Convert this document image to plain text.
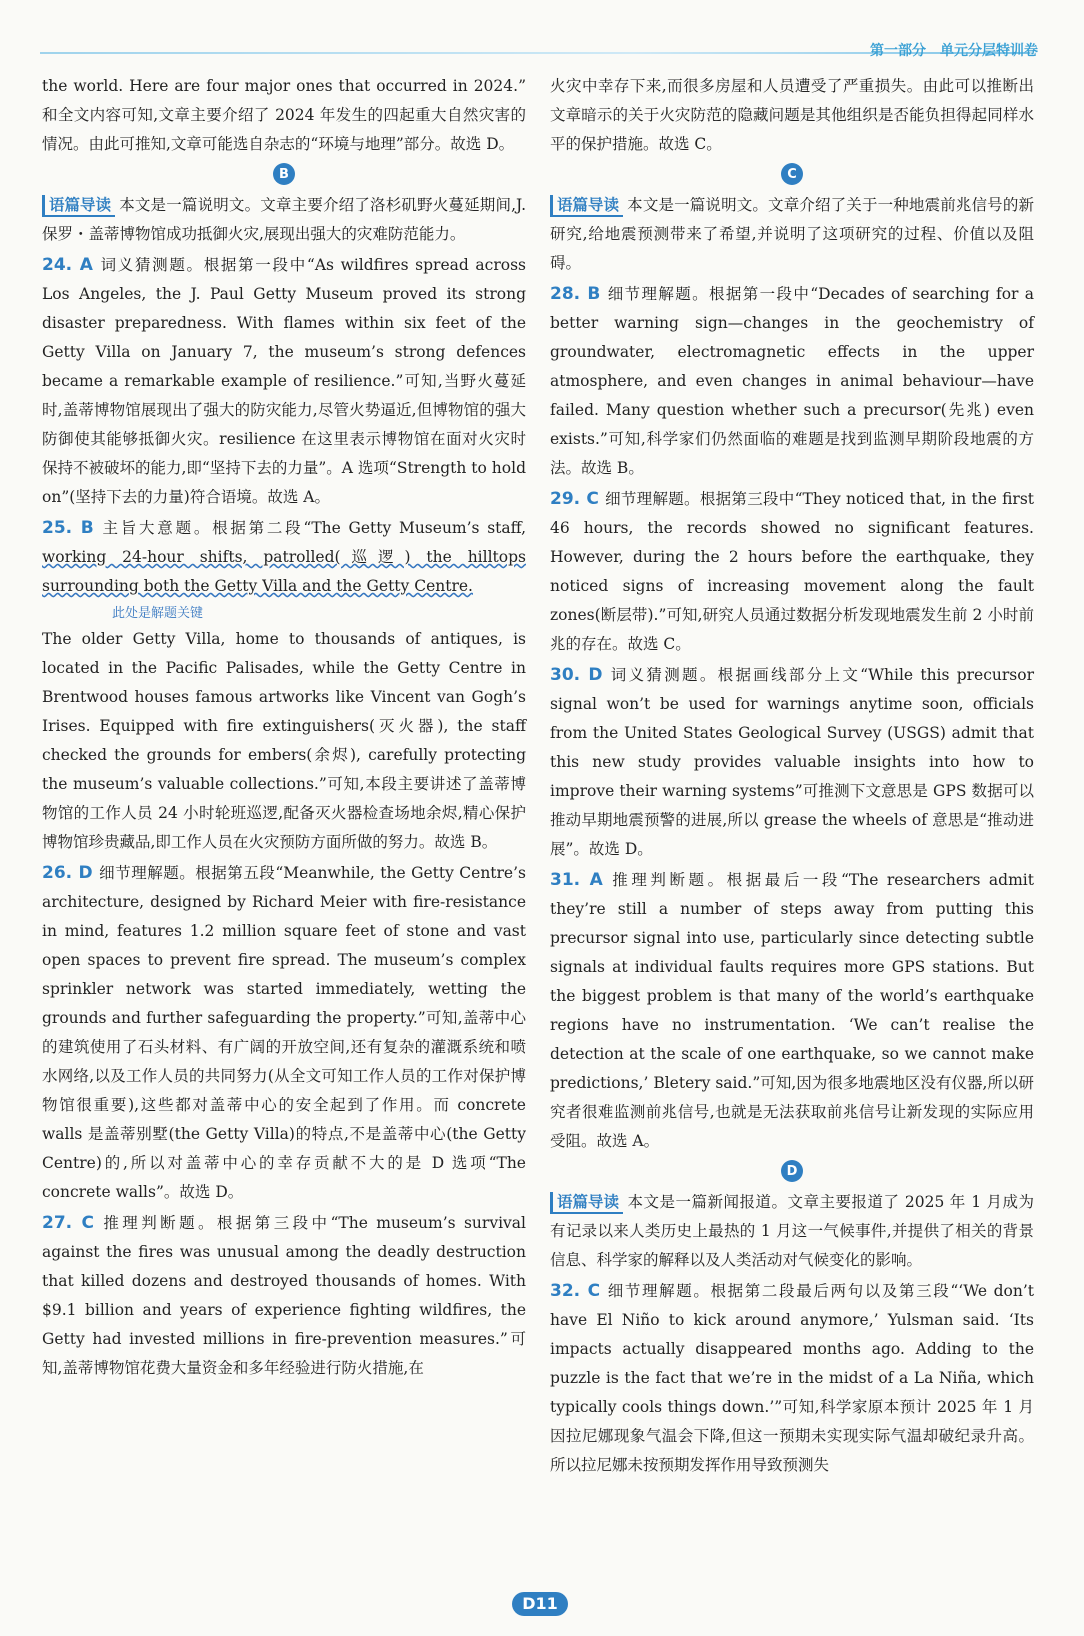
第一部分　单元分层特训卷

the world. Here are four major ones that occurred in 2024.” 和全文内容可知,文章主要介绍了 2024 年发生的四起重大自然灾害的情况。由此可推知,文章可能选自杂志的“环境与地理”部分。故选 D。

B

语篇导读 本文是一篇说明文。文章主要介绍了洛杉矶野火蔓延期间,J. 保罗・盖蒂博物馆成功抵御火灾,展现出强大的灾难防范能力。

24. A 词义猜测题。根据第一段中“As wildfires spread across Los Angeles, the J. Paul Getty Museum proved its strong disaster preparedness. With flames within six feet of the Getty Villa on January 7, the museum’s strong defences became a remarkable example of resilience.”可知,当野火蔓延时,盖蒂博物馆展现出了强大的防灾能力,尽管火势逼近,但博物馆的强大防御使其能够抵御火灾。resilience 在这里表示博物馆在面对火灾时保持不被破坏的能力,即“坚持下去的力量”。A 选项“Strength to hold on”(坚持下去的力量)符合语境。故选 A。

25. B 主旨大意题。根据第二段“The Getty Museum’s staff, working 24-hour shifts, patrolled(巡逻) the hilltops surrounding both the Getty Villa and the Getty Centre.

此处是解题关键

The older Getty Villa, home to thousands of antiques, is located in the Pacific Palisades, while the Getty Centre in Brentwood houses famous artworks like Vincent van Gogh’s Irises. Equipped with fire extinguishers(灭火器), the staff checked the grounds for embers(余烬), carefully protecting the museum’s valuable collections.”可知,本段主要讲述了盖蒂博物馆的工作人员 24 小时轮班巡逻,配备灭火器检查场地余烬,精心保护博物馆珍贵藏品,即工作人员在火灾预防方面所做的努力。故选 B。

26. D 细节理解题。根据第五段“Meanwhile, the Getty Centre’s architecture, designed by Richard Meier with fire-resistance in mind, features 1.2 million square feet of stone and vast open spaces to prevent fire spread. The museum’s complex sprinkler network was started immediately, wetting the grounds and further safeguarding the property.”可知,盖蒂中心的建筑使用了石头材料、有广阔的开放空间,还有复杂的灌溉系统和喷水网络,以及工作人员的共同努力(从全文可知工作人员的工作对保护博物馆很重要),这些都对盖蒂中心的安全起到了作用。而 concrete walls 是盖蒂别墅(the Getty Villa)的特点,不是盖蒂中心(the Getty Centre)的,所以对盖蒂中心的幸存贡献不大的是 D 选项“The concrete walls”。故选 D。

27. C 推理判断题。根据第三段中“The museum’s survival against the fires was unusual among the deadly destruction that killed dozens and destroyed thousands of homes. With $9.1 billion and years of experience fighting wildfires, the Getty had invested millions in fire-prevention measures.”可知,盖蒂博物馆花费大量资金和多年经验进行防火措施,在

火灾中幸存下来,而很多房屋和人员遭受了严重损失。由此可以推断出文章暗示的关于火灾防范的隐藏问题是其他组织是否能负担得起同样水平的保护措施。故选 C。

C

语篇导读 本文是一篇说明文。文章介绍了关于一种地震前兆信号的新研究,给地震预测带来了希望,并说明了这项研究的过程、价值以及阻碍。

28. B 细节理解题。根据第一段中“Decades of searching for a better warning sign—changes in the geochemistry of groundwater, electromagnetic effects in the upper atmosphere, and even changes in animal behaviour—have failed. Many question whether such a precursor(先兆) even exists.”可知,科学家们仍然面临的难题是找到监测早期阶段地震的方法。故选 B。

29. C 细节理解题。根据第三段中“They noticed that, in the first 46 hours, the records showed no significant features. However, during the 2 hours before the earthquake, they noticed signs of increasing movement along the fault zones(断层带).”可知,研究人员通过数据分析发现地震发生前 2 小时前兆的存在。故选 C。

30. D 词义猜测题。根据画线部分上文“While this precursor signal won’t be used for warnings anytime soon, officials from the United States Geological Survey (USGS) admit that this new study provides valuable insights into how to improve their warning systems”可推测下文意思是 GPS 数据可以推动早期地震预警的进展,所以 grease the wheels of 意思是“推动进展”。故选 D。

31. A 推理判断题。根据最后一段“The researchers admit they’re still a number of steps away from putting this precursor signal into use, particularly since detecting subtle signals at individual faults requires more GPS stations. But the biggest problem is that many of the world’s earthquake regions have no instrumentation. ‘We can’t realise the detection at the scale of one earthquake, so we cannot make predictions,’ Bletery said.”可知,因为很多地震地区没有仪器,所以研究者很难监测前兆信号,也就是无法获取前兆信号让新发现的实际应用受阻。故选 A。

D

语篇导读 本文是一篇新闻报道。文章主要报道了 2025 年 1 月成为有记录以来人类历史上最热的 1 月这一气候事件,并提供了相关的背景信息、科学家的解释以及人类活动对气候变化的影响。

32. C 细节理解题。根据第二段最后两句以及第三段“‘We don’t have El Niño to kick around anymore,’ Yulsman said. ‘Its impacts actually disappeared months ago. Adding to the puzzle is the fact that we’re in the midst of a La Niña, which typically cools things down.’”可知,科学家原本预计 2025 年 1 月因拉尼娜现象气温会下降,但这一预期未实现实际气温却破纪录升高。所以拉尼娜未按预期发挥作用导致预测失

D11
